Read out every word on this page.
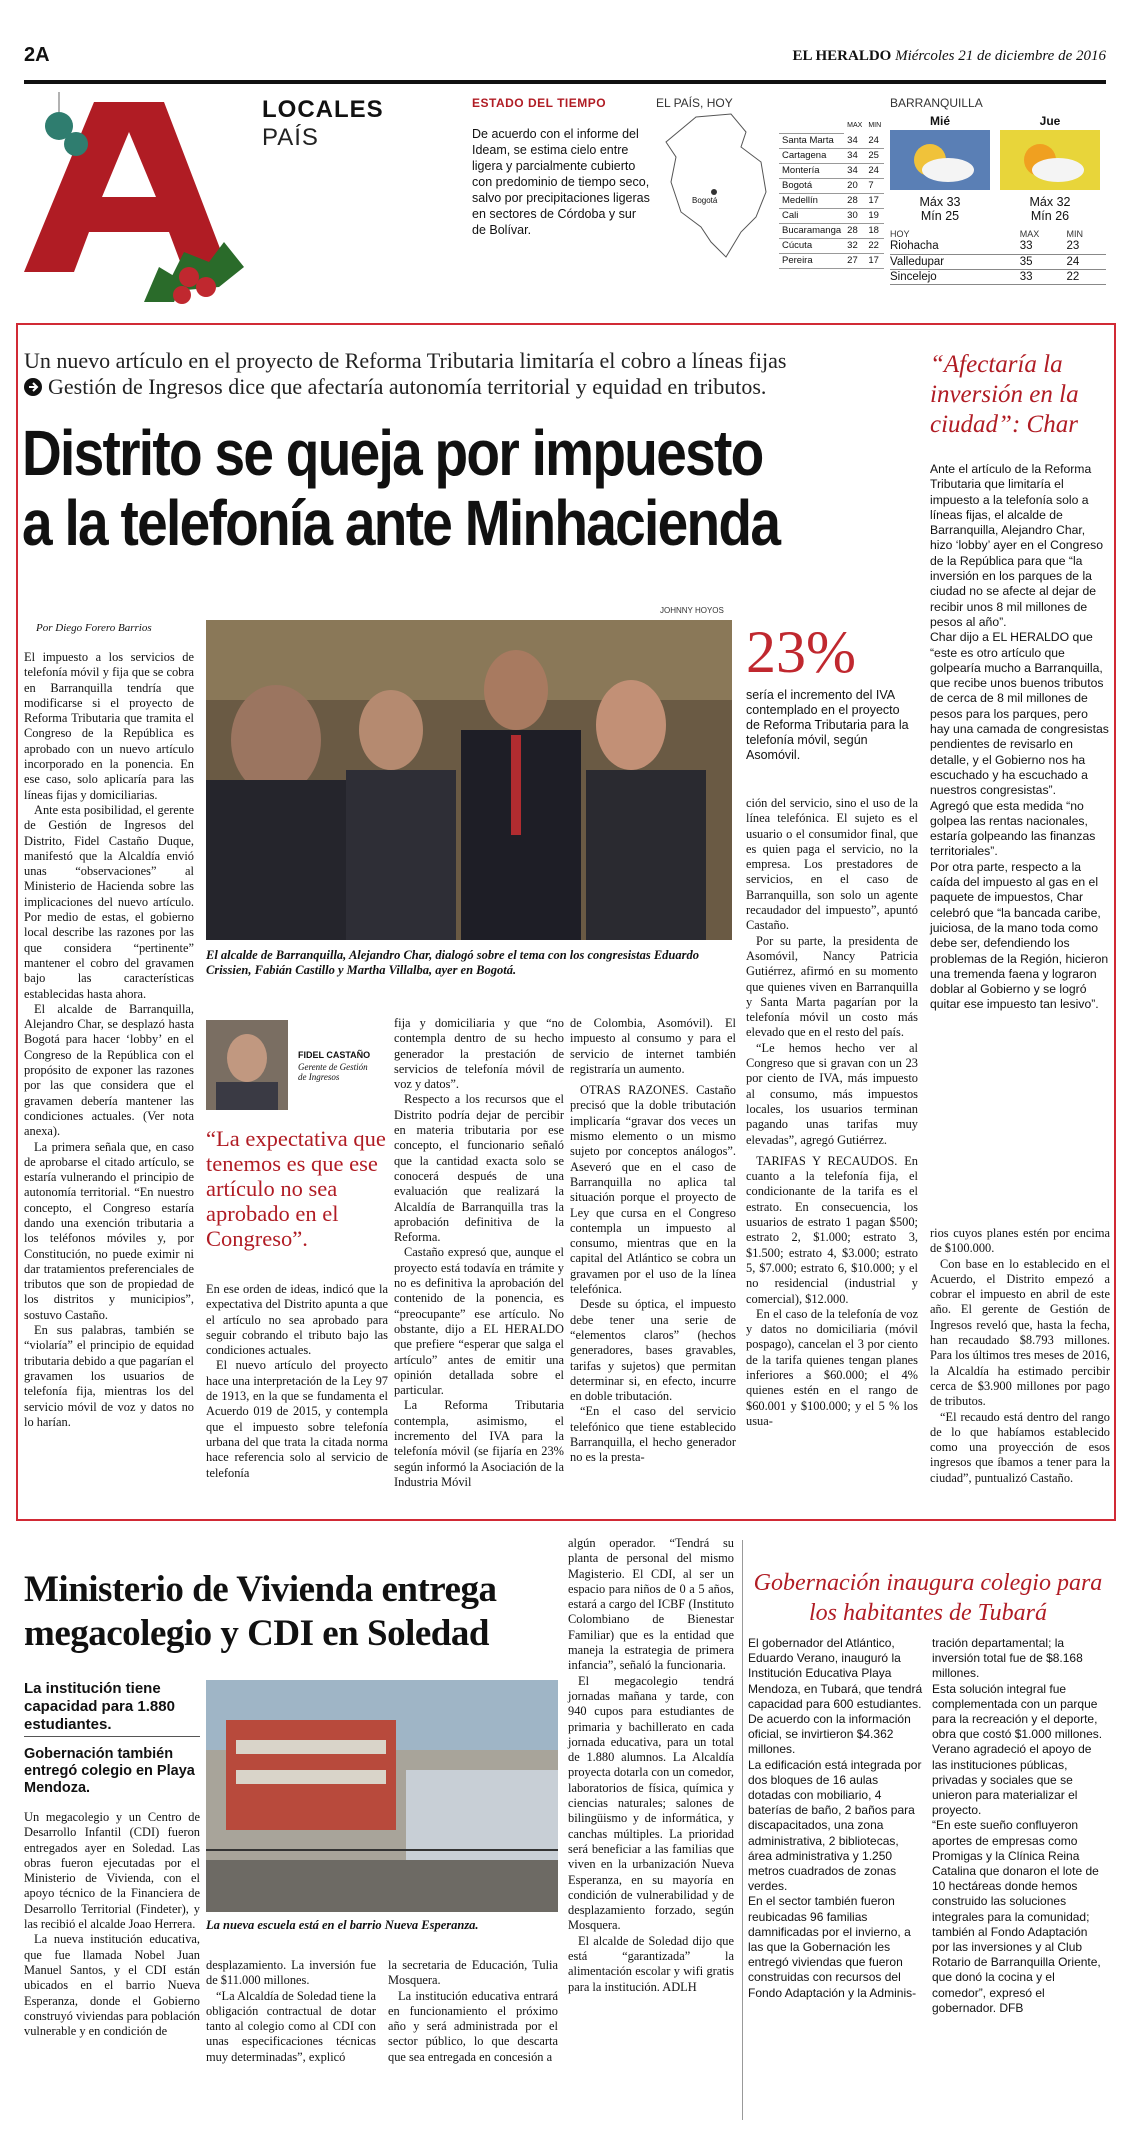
2A	EL HERALDO Miércoles 21 de diciembre de 2016
LOCALES
PAÍS
ESTADO DEL TIEMPO
De acuerdo con el informe del Ideam, se estima cielo entre ligera y parcialmente cubierto con predominio de tiempo seco, salvo por precipitaciones ligeras en sectores de Córdoba y sur de Bolívar.
EL PAÍS, HOY
Bogotá
	MAX	MIN
Santa Marta	34	24
Cartagena	34	25
Montería	34	24
Bogotá	20	7
Medellín	28	17
Cali	30	19
Bucaramanga	28	18
Cúcuta	32	22
Pereira	27	17
BARRANQUILLA
Mié
Máx 33
Mín 25
Jue
Máx 32
Mín 26
HOY	MAX	MIN
Riohacha	33	23
Valledupar	35	24
Sincelejo	33	22
Un nuevo artículo en el proyecto de Reforma Tributaria limitaría el cobro a líneas fijas
Gestión de Ingresos dice que afectaría autonomía territorial y equidad en tributos.
Distrito se queja por impuesto
a la telefonía ante Minhacienda
Por Diego Forero Barrios
JOHNNY HOYOS
El alcalde de Barranquilla, Alejandro Char, dialogó sobre el tema con los congresistas Eduardo Crissien, Fabián Castillo y Martha Villalba, ayer en Bogotá.
23%
sería el incremento del IVA contemplado en el proyecto de Reforma Tributaria para la telefonía móvil, según Asomóvil.

El impuesto a los servicios de telefonía móvil y fija que se cobra en Barranquilla tendría que modificarse si el proyecto de Reforma Tributaria que tramita el Congreso de la República es aprobado con un nuevo artículo incorporado en la ponencia. En ese caso, solo aplicaría para las líneas fijas y domiciliarias.

Ante esta posibilidad, el gerente de Gestión de Ingresos del Distrito, Fidel Castaño Duque, manifestó que la Alcaldía envió unas “observaciones” al Ministerio de Hacienda sobre las implicaciones del nuevo artículo. Por medio de estas, el gobierno local describe las razones por las que considera “pertinente” mantener el cobro del gravamen bajo las características establecidas hasta ahora.

El alcalde de Barranquilla, Alejandro Char, se desplazó hasta Bogotá para hacer ‘lobby’ en el Congreso de la República con el propósito de exponer las razones por las que considera que el gravamen debería mantener las condiciones actuales. (Ver nota anexa).

La primera señala que, en caso de aprobarse el citado artículo, se estaría vulnerando el principio de autonomía territorial. “En nuestro concepto, el Congreso estaría dando una exención tributaria a los teléfonos móviles y, por Constitución, no puede eximir ni dar tratamientos preferenciales de tributos que son de propiedad de los distritos y municipios”, sostuvo Castaño.

En sus palabras, también se “violaría” el principio de equidad tributaria debido a que pagarían el gravamen los usuarios de telefonía fija, mientras los del servicio móvil de voz y datos no lo harían.

FIDEL CASTAÑO
Gerente de Gestión de Ingresos
“La expectativa que tenemos es que ese artículo no sea aprobado en el Congreso”.

En ese orden de ideas, indicó que la expectativa del Distrito apunta a que el artículo no sea aprobado para seguir cobrando el tributo bajo las condiciones actuales.

El nuevo artículo del proyecto hace una interpretación de la Ley 97 de 1913, en la que se fundamenta el Acuerdo 019 de 2015, y contempla que el impuesto sobre telefonía urbana del que trata la citada norma hace referencia solo al servicio de telefonía

fija y domiciliaria y que “no contempla dentro de su hecho generador la prestación de servicios de telefonía móvil de voz y datos”.

Respecto a los recursos que el Distrito podría dejar de percibir en materia tributaria por ese concepto, el funcionario señaló que la cantidad exacta solo se conocerá después de una evaluación que realizará la Alcaldía de Barranquilla tras la aprobación definitiva de la Reforma.

Castaño expresó que, aunque el proyecto está todavía en trámite y no es definitiva la aprobación del contenido de la ponencia, es “preocupante” ese artículo. No obstante, dijo a EL HERALDO que prefiere “esperar que salga el artículo” antes de emitir una opinión detallada sobre el particular.

La Reforma Tributaria contempla, asimismo, el incremento del IVA para la telefonía móvil (se fijaría en 23% según informó la Asociación de la Industria Móvil

de Colombia, Asomóvil). El impuesto al consumo y para el servicio de internet también registraría un aumento.

OTRAS RAZONES. Castaño precisó que la doble tributación implicaría “gravar dos veces un mismo elemento o un mismo sujeto por conceptos análogos”. Aseveró que en el caso de Barranquilla no aplica tal situación porque el proyecto de Ley que cursa en el Congreso contempla un impuesto al consumo, mientras que en la capital del Atlántico se cobra un gravamen por el uso de la línea telefónica.

Desde su óptica, el impuesto debe tener una serie de “elementos claros” (hechos generadores, bases gravables, tarifas y sujetos) que permitan determinar si, en efecto, incurre en doble tributación.

“En el caso del servicio telefónico que tiene establecido Barranquilla, el hecho generador no es la presta-

ción del servicio, sino el uso de la línea telefónica. El sujeto es el usuario o el consumidor final, que es quien paga el servicio, no la empresa. Los prestadores de servicios, en el caso de Barranquilla, son solo un agente recaudador del impuesto”, apuntó Castaño.

Por su parte, la presidenta de Asomóvil, Nancy Patricia Gutiérrez, afirmó en su momento que quienes viven en Barranquilla y Santa Marta pagarían por la telefonía móvil un costo más elevado que en el resto del país.

“Le hemos hecho ver al Congreso que si gravan con un 23 por ciento de IVA, más impuesto al consumo, más impuestos locales, los usuarios terminan pagando unas tarifas muy elevadas”, agregó Gutiérrez.

TARIFAS Y RECAUDOS. En cuanto a la telefonía fija, el condicionante de la tarifa es el estrato. En consecuencia, los usuarios de estrato 1 pagan $500; estrato 2, $1.000; estrato 3, $1.500; estrato 4, $3.000; estrato 5, $7.000; estrato 6, $10.000; y el no residencial (industrial y comercial), $12.000.

En el caso de la telefonía de voz y datos no domiciliaria (móvil pospago), cancelan el 3 por ciento de la tarifa quienes tengan planes inferiores a $60.000; el 4% quienes estén en el rango de $60.001 y $100.000; y el 5 % los usua-

“Afectaría la inversión en la ciudad”: Char

Ante el artículo de la Reforma Tributaria que limitaría el impuesto a la telefonía solo a líneas fijas, el alcalde de Barranquilla, Alejandro Char, hizo ‘lobby’ ayer en el Congreso de la República para que “la inversión en los parques de la ciudad no se afecte al dejar de recibir unos 8 mil millones de pesos al año”.

Char dijo a EL HERALDO que “este es otro artículo que golpearía mucho a Barranquilla, que recibe unos buenos tributos de cerca de 8 mil millones de pesos para los parques, pero hay una camada de congresistas pendientes de revisarlo en detalle, y el Gobierno nos ha escuchado y ha escuchado a nuestros congresistas”.

Agregó que esta medida “no golpea las rentas nacionales, estaría golpeando las finanzas territoriales”.

Por otra parte, respecto a la caída del impuesto al gas en el paquete de impuestos, Char celebró que “la bancada caribe, juiciosa, de la mano toda como debe ser, defendiendo los problemas de la Región, hicieron una tremenda faena y lograron doblar al Gobierno y se logró quitar ese impuesto tan lesivo”.

rios cuyos planes estén por encima de $100.000.

Con base en lo establecido en el Acuerdo, el Distrito empezó a cobrar el impuesto en abril de este año. El gerente de Gestión de Ingresos reveló que, hasta la fecha, han recaudado $8.793 millones. Para los últimos tres meses de 2016, la Alcaldía ha estimado percibir cerca de $3.900 millones por pago de tributos.

“El recaudo está dentro del rango de lo que habíamos establecido como una proyección de esos ingresos que íbamos a tener para la ciudad”, puntualizó Castaño.

Ministerio de Vivienda entrega megacolegio y CDI en Soledad
La institución tiene capacidad para 1.880 estudiantes.
Gobernación también entregó colegio en Playa Mendoza.
La nueva escuela está en el barrio Nueva Esperanza.

Un megacolegio y un Centro de Desarrollo Infantil (CDI) fueron entregados ayer en Soledad. Las obras fueron ejecutadas por el Ministerio de Vivienda, con el apoyo técnico de la Financiera de Desarrollo Territorial (Findeter), y las recibió el alcalde Joao Herrera.

La nueva institución educativa, que fue llamada Nobel Juan Manuel Santos, y el CDI están ubicados en el barrio Nueva Esperanza, donde el Gobierno construyó viviendas para población vulnerable y en condición de

desplazamiento. La inversión fue de $11.000 millones.

“La Alcaldía de Soledad tiene la obligación contractual de dotar tanto al colegio como al CDI con unas especificaciones técnicas muy determinadas”, explicó

la secretaria de Educación, Tulia Mosquera.

La institución educativa entrará en funcionamiento el próximo año y será administrada por el sector público, lo que descarta que sea entregada en concesión a

algún operador. “Tendrá su planta de personal del mismo Magisterio. El CDI, al ser un espacio para niños de 0 a 5 años, estará a cargo del ICBF (Instituto Colombiano de Bienestar Familiar) que es la entidad que maneja la estrategia de primera infancia”, señaló la funcionaria.

El megacolegio tendrá jornadas mañana y tarde, con 940 cupos para estudiantes de primaria y bachillerato en cada jornada educativa, para un total de 1.880 alumnos. La Alcaldía proyecta dotarla con un comedor, laboratorios de física, química y ciencias naturales; salones de bilingüismo y de informática, y canchas múltiples. La prioridad será beneficiar a las familias que viven en la urbanización Nueva Esperanza, en su mayoría en condición de vulnerabilidad y de desplazamiento forzado, según Mosquera.

El alcalde de Soledad dijo que está “garantizada” la alimentación escolar y wifi gratis para la institución. ADLH

Gobernación inaugura colegio para los habitantes de Tubará

El gobernador del Atlántico, Eduardo Verano, inauguró la Institución Educativa Playa Mendoza, en Tubará, que tendrá capacidad para 600 estudiantes. De acuerdo con la información oficial, se invirtieron $4.362 millones.

La edificación está integrada por dos bloques de 16 aulas dotadas con mobiliario, 4 baterías de baño, 2 baños para discapacitados, una zona administrativa, 2 bibliotecas, área administrativa y 1.250 metros cuadrados de zonas verdes.

En el sector también fueron reubicadas 96 familias damnificadas por el invierno, a las que la Gobernación les entregó viviendas que fueron construidas con recursos del Fondo Adaptación y la Adminis-

tración departamental; la inversión total fue de $8.168 millones.

Esta solución integral fue complementada con un parque para la recreación y el deporte, obra que costó $1.000 millones. Verano agradeció el apoyo de las instituciones públicas, privadas y sociales que se unieron para materializar el proyecto.

“En este sueño confluyeron aportes de empresas como Promigas y la Clínica Reina Catalina que donaron el lote de 10 hectáreas donde hemos construido las soluciones integrales para la comunidad; también al Fondo Adaptación por las inversiones y al Club Rotario de Barranquilla Oriente, que donó la cocina y el comedor”, expresó el gobernador. DFB
